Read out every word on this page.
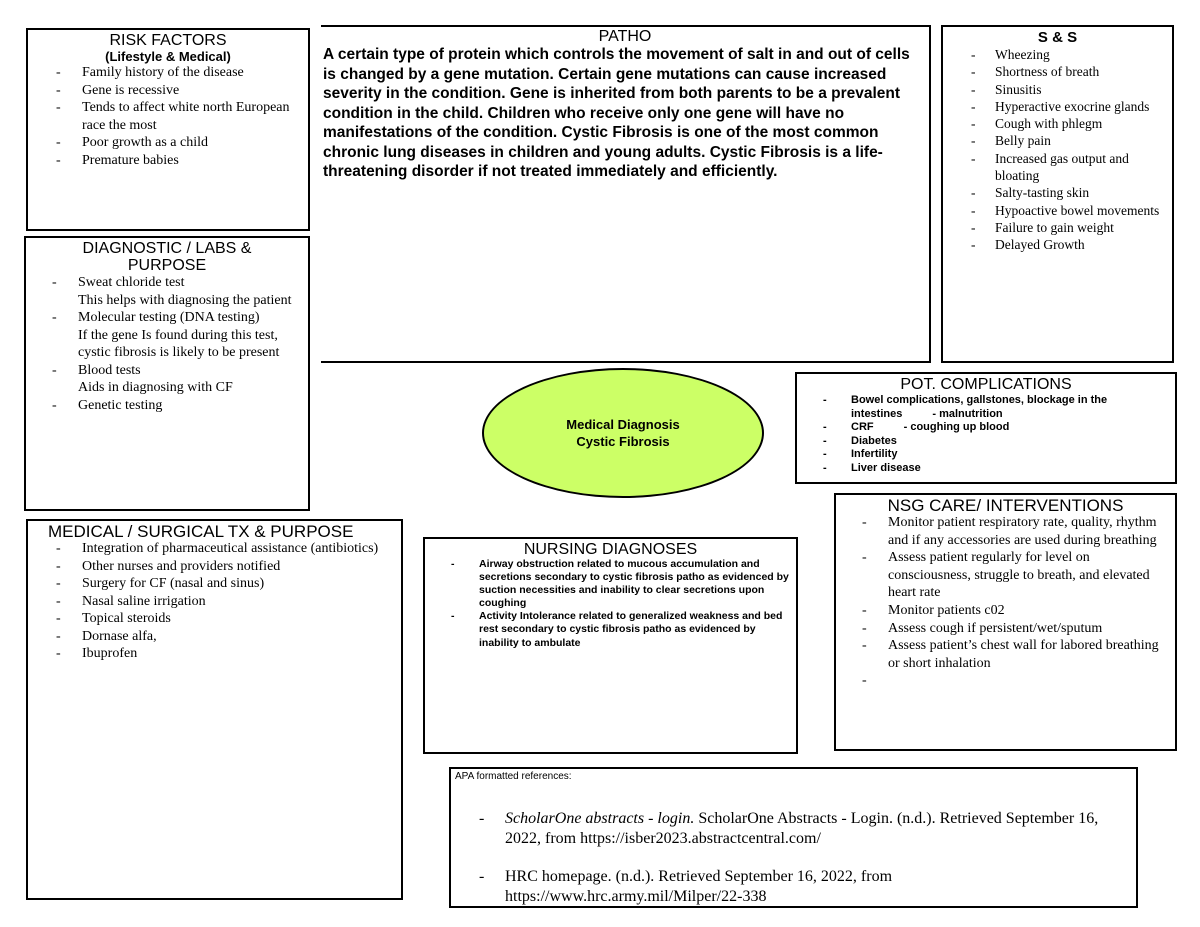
RISK FACTORS
(Lifestyle & Medical)
- Family history of the disease
- Gene is recessive
- Tends to affect white north European race the most
- Poor growth as a child
- Premature babies
DIAGNOSTIC / LABS & PURPOSE
- Sweat chloride test
This helps with diagnosing the patient
- Molecular testing (DNA testing)
If the gene Is found during this test, cystic fibrosis is likely to be present
- Blood tests
Aids in diagnosing with CF
- Genetic testing
MEDICAL / SURGICAL TX & PURPOSE
- Integration of pharmaceutical assistance (antibiotics)
- Other nurses and providers notified
- Surgery for CF (nasal and sinus)
- Nasal saline irrigation
- Topical steroids
- Dornase alfa,
- Ibuprofen
PATHO
A certain type of protein which controls the movement of salt in and out of cells is changed by a gene mutation. Certain gene mutations can cause increased severity in the condition. Gene is inherited from both parents to be a prevalent condition in the child. Children who receive only one gene will have no manifestations of the condition. Cystic Fibrosis is one of the most common chronic lung diseases in children and young adults. Cystic Fibrosis is a life-threatening disorder if not treated immediately and efficiently.
S & S
- Wheezing
- Shortness of breath
- Sinusitis
- Hyperactive exocrine glands
- Cough with phlegm
- Belly pain
- Increased gas output and bloating
- Salty-tasting skin
- Hypoactive bowel movements
- Failure to gain weight
- Delayed Growth
Medical Diagnosis
Cystic Fibrosis
POT. COMPLICATIONS
- Bowel complications, gallstones, blockage in the intestines	- malnutrition
- CRF	- coughing up blood
- Diabetes
- Infertility
- Liver disease
NSG CARE/ INTERVENTIONS
- Monitor patient respiratory rate, quality, rhythm and if any accessories are used during breathing
- Assess patient regularly for level on consciousness, struggle to breath, and elevated heart rate
- Monitor patients c02
- Assess cough if persistent/wet/sputum
- Assess patient’s chest wall for labored breathing or short inhalation
-
NURSING DIAGNOSES
- Airway obstruction related to mucous accumulation and secretions secondary to cystic fibrosis patho as evidenced by suction necessities and inability to clear secretions upon coughing
- Activity Intolerance related to generalized weakness and bed rest secondary to cystic fibrosis patho as evidenced by inability to ambulate
APA formatted references:
- ScholarOne abstracts - login. ScholarOne Abstracts - Login. (n.d.). Retrieved September 16, 2022, from https://isber2023.abstractcentral.com/
- HRC homepage. (n.d.). Retrieved September 16, 2022, from https://www.hrc.army.mil/Milper/22-338
